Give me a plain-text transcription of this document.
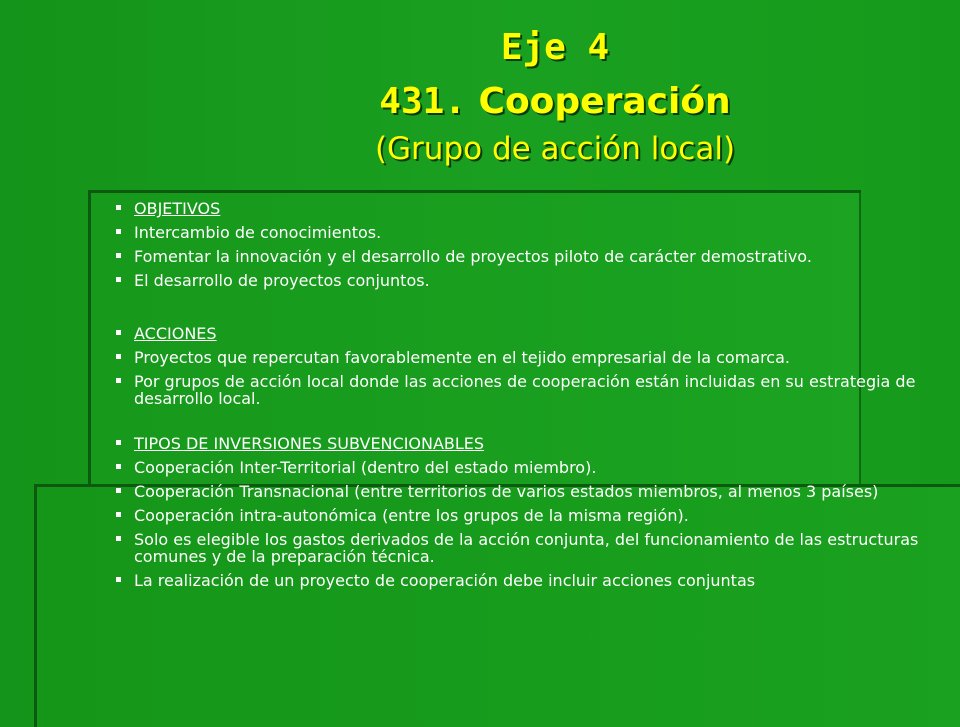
Eje 4
431. Cooperación
(Grupo de acción local)
OBJETIVOS
Intercambio de conocimientos.
Fomentar la innovación y el desarrollo de proyectos piloto de carácter demostrativo.
El desarrollo de proyectos conjuntos.
ACCIONES
Proyectos que repercutan favorablemente en el tejido empresarial de la comarca.
Por grupos de acción local donde las acciones de cooperación están incluidas en su estrategia de desarrollo local.
TIPOS DE INVERSIONES SUBVENCIONABLES
Cooperación Inter-Territorial (dentro del estado miembro).
Cooperación Transnacional (entre territorios de varios estados miembros, al menos 3 países)
Cooperación intra-autonómica (entre los grupos de la misma región).
Solo es elegible los gastos derivados de la acción conjunta, del funcionamiento de las estructuras comunes y de la preparación técnica.
La realización de un proyecto de cooperación debe incluir acciones conjuntas
